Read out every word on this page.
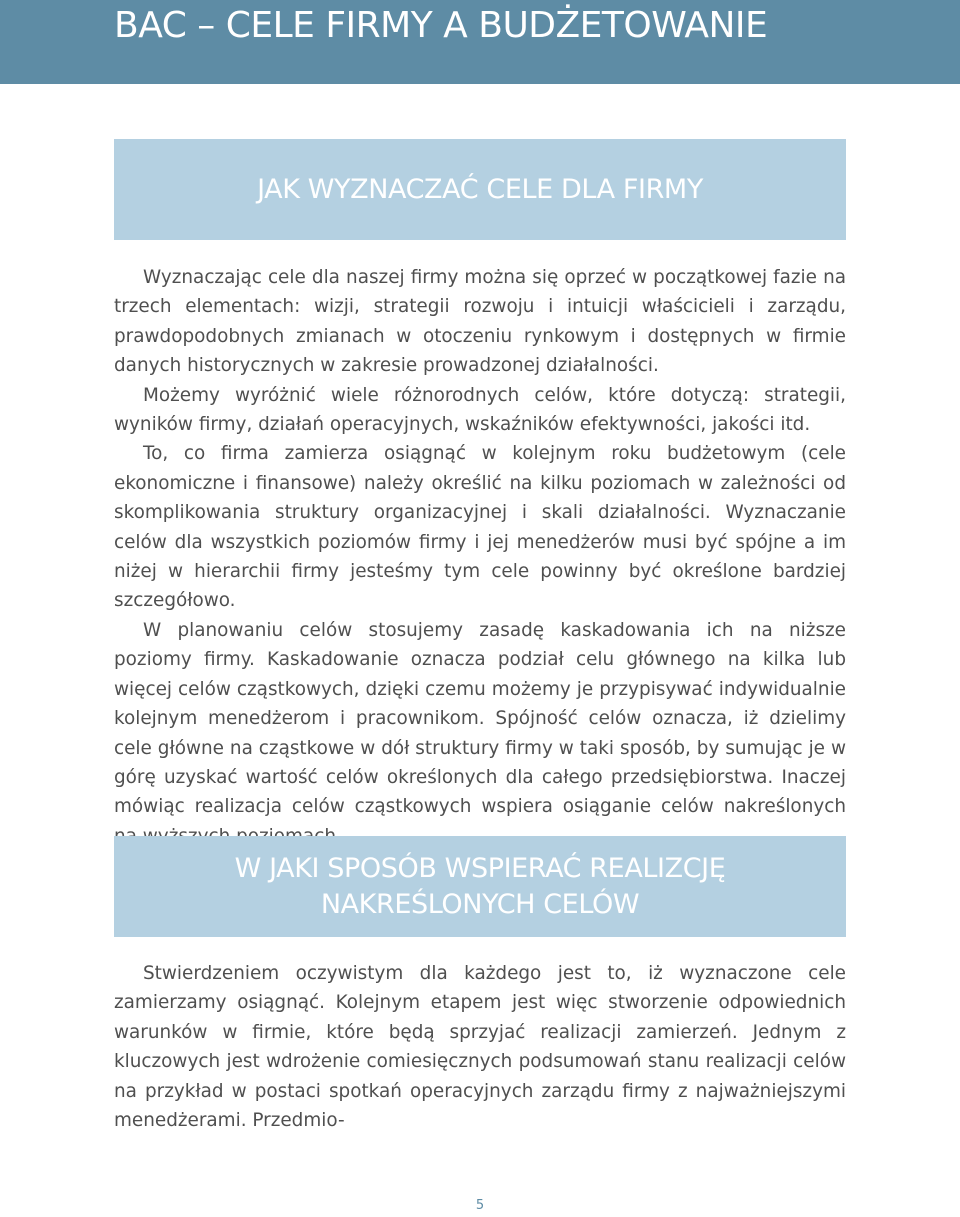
BAC – CELE FIRMY A BUDŻETOWANIE
JAK WYZNACZAĆ CELE DLA FIRMY

Wyznaczając cele dla naszej firmy można się oprzeć w początkowej fazie na trzech elementach: wizji, strategii rozwoju i intuicji właścicieli i zarządu, prawdopodobnych zmianach w otoczeniu rynkowym i dostępnych w firmie danych historycznych w zakresie prowadzonej działalności.

Możemy wyróżnić wiele różnorodnych celów, które dotyczą: strategii, wyników firmy, działań operacyjnych, wskaźników efektywności, jakości itd.

To, co firma zamierza osiągnąć w kolejnym roku budżetowym (cele ekonomiczne i finansowe) należy określić na kilku poziomach w zależności od skomplikowania struktury organizacyjnej i skali działalności. Wyznaczanie celów dla wszystkich poziomów firmy i jej menedżerów musi być spójne a im niżej w hierarchii firmy jesteśmy tym cele powinny być określone bardziej szczegółowo.

W planowaniu celów stosujemy zasadę kaskadowania ich na niższe poziomy firmy. Kaskadowanie oznacza podział celu głównego na kilka lub więcej celów cząstkowych, dzięki czemu możemy je przypisywać indywidualnie kolejnym menedżerom i pracownikom. Spójność celów oznacza, iż dzielimy cele główne na cząstkowe w dół struktury firmy w taki sposób, by sumując je w górę uzyskać wartość celów określonych dla całego przedsiębiorstwa. Inaczej mówiąc realizacja celów cząstkowych wspiera osiąganie celów nakreślonych

W JAKI SPOSÓB WSPIERAĆ REALIZCJĘ
NAKREŚLONYCH CELÓW

Stwierdzeniem oczywistym dla każdego jest to, iż wyznaczone cele zamierzamy osiągnąć. Kolejnym etapem jest więc stworzenie odpowiednich warunków w firmie, które będą sprzyjać realizacji zamierzeń. Jednym z kluczowych jest wdrożenie comiesięcznych podsumowań stanu realizacji celów na przykład w postaci spotkań operacyjnych zarządu firmy z najważniejszymi menedżerami. Przedmio-

5
